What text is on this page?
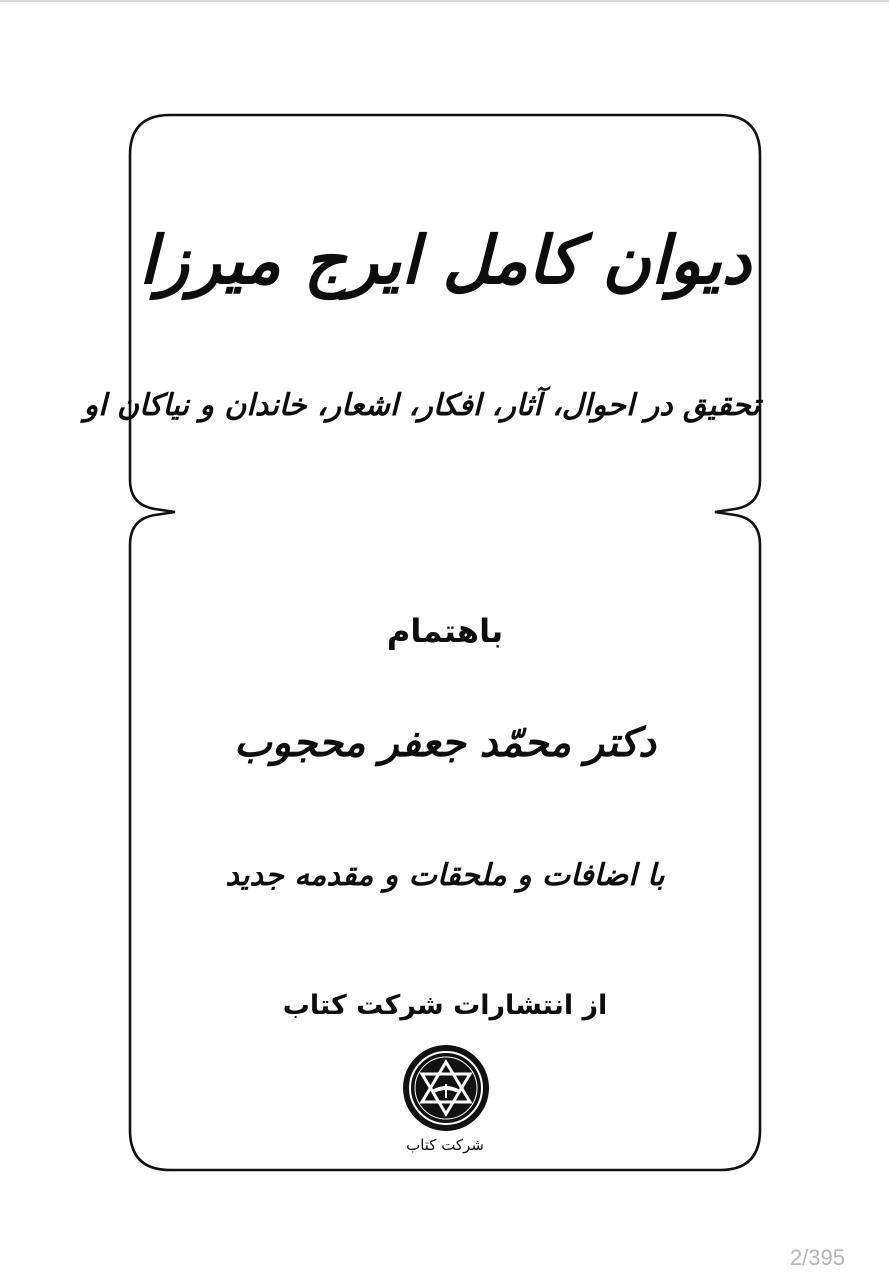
دیوان کامل ایرج میرزا
تحقیق در احوال، آثار، افکار، اشعار، خاندان و نیاکان او
باهتمام
دکتر محمّد جعفر محجوب
با اضافات و ملحقات و مقدمه جدید
از انتشارات شرکت کتاب
شرکت کتاب
2/395
